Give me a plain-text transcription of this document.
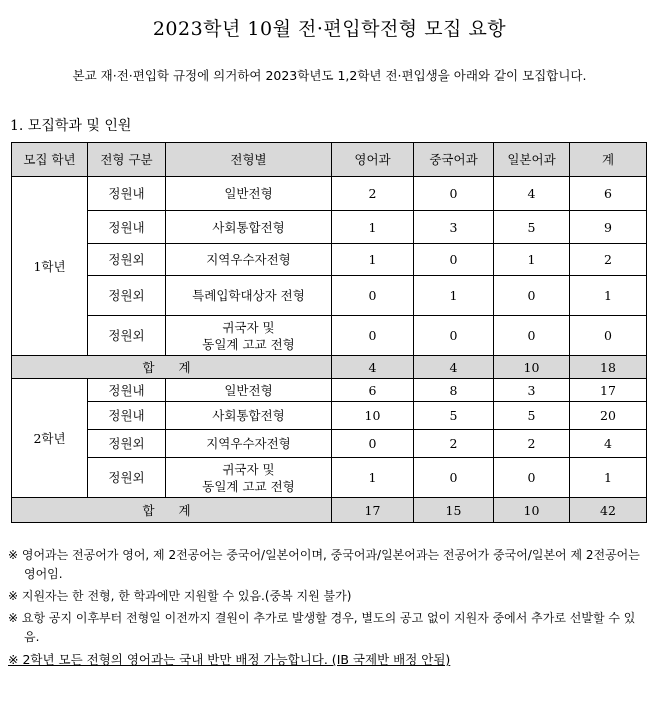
2023학년 10월 전·편입학전형 모집 요항
본교 재·전·편입학 규정에 의거하여 2023학년도 1,2학년 전·편입생을 아래와 같이 모집합니다.
1. 모집학과 및 인원
모집 학년	전형 구분	전형별	영어과	중국어과	일본어과	계
1학년	정원내	일반전형	2	0	4	6
	정원내	사회통합전형	1	3	5	9
	정원외	지역우수자전형	1	0	1	2
	정원외	특례입학대상자 전형	0	1	0	1
	정원외	귀국자 및
동일계 고교 전형	0	0	0	0
합 계			4	4	10	18
2학년	정원내	일반전형	6	8	3	17
	정원내	사회통합전형	10	5	5	20
	정원외	지역우수자전형	0	2	2	4
	정원외	귀국자 및
동일계 고교 전형	1	0	0	1
합 계			17	15	10	42

※ 영어과는 전공어가 영어, 제 2전공어는 중국어/일본어이며, 중국어과/일본어과는 전공어가 중국어/일본어 제 2전공어는 영어임.

※ 지원자는 한 전형, 한 학과에만 지원할 수 있음.(중복 지원 불가)

※ 요항 공지 이후부터 전형일 이전까지 결원이 추가로 발생할 경우, 별도의 공고 없이 지원자 중에서 추가로 선발할 수 있음.

※ 2학년 모든 전형의 영어과는 국내 반만 배정 가능합니다. (IB 국제반 배정 안됨)
